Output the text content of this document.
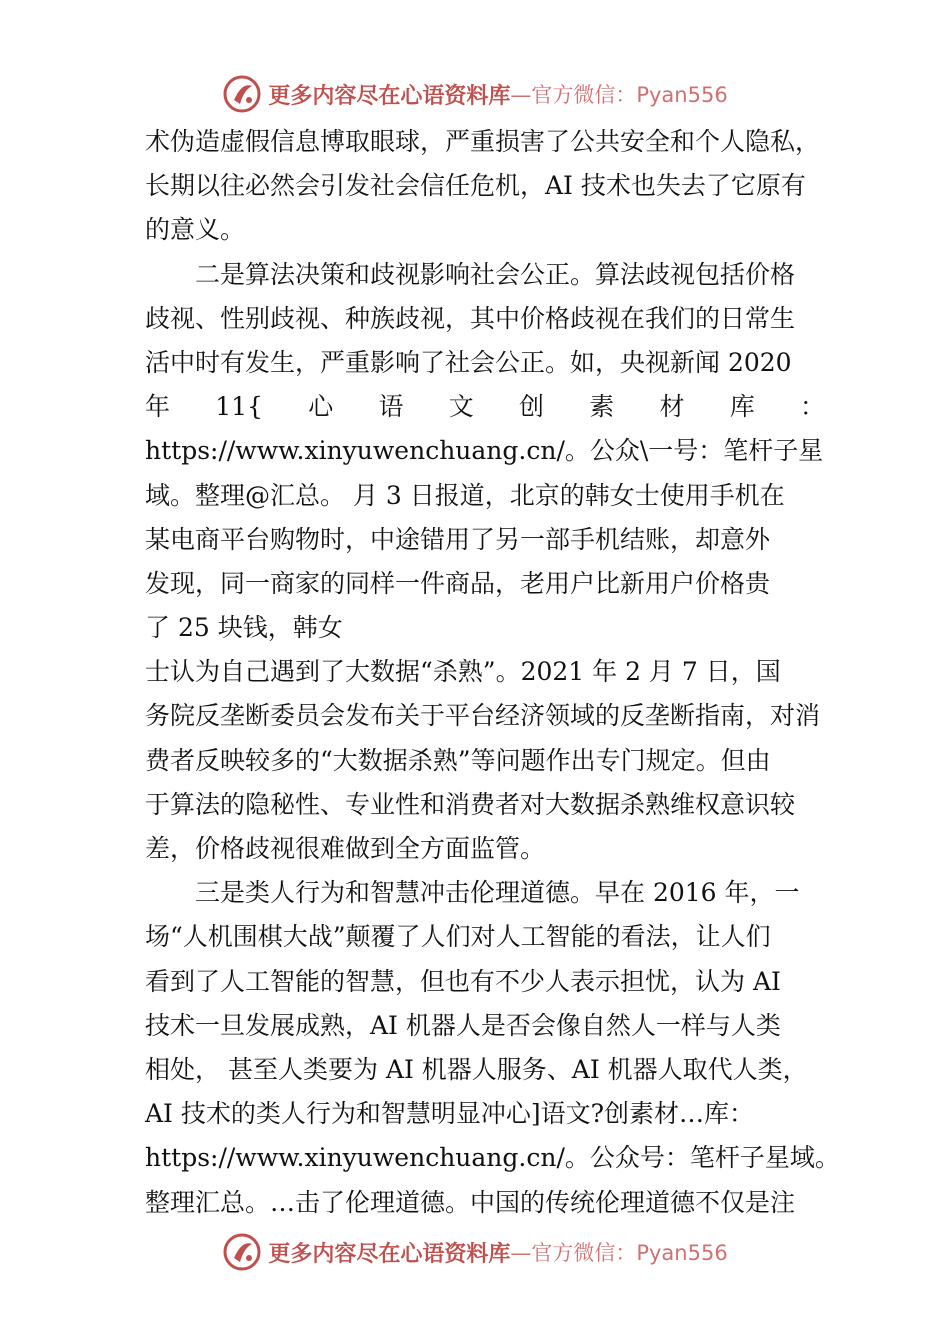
更多内容尽在心语资料库 —官方微信：Pyan556
术伪造虚假信息博取眼球，严重损害了公共安全和个人隐私，
长期以往必然会引发社会信任危机，AI 技术也失去了它原有
的意义。
二是算法决策和歧视影响社会公正。算法歧视包括价格
歧视、性别歧视、种族歧视，其中价格歧视在我们的日常生
活中时有发生，严重影响了社会公正。如，央视新闻 2020
年 11{ 心 语 文 创 素 材 库 ：
https://www.xinyuwenchuang.cn/。公众\一号：笔杆子星
域。整理@汇总。 月 3 日报道，北京的韩女士使用手机在
某电商平台购物时，中途错用了另一部手机结账，却意外
发现，同一商家的同样一件商品，老用户比新用户价格贵
了 25 块钱，韩女
士认为自己遇到了大数据“杀熟”。2021 年 2 月 7 日，国
务院反垄断委员会发布关于平台经济领域的反垄断指南，对消
费者反映较多的“大数据杀熟”等问题作出专门规定。但由
于算法的隐秘性、专业性和消费者对大数据杀熟维权意识较
差，价格歧视很难做到全方面监管。
三是类人行为和智慧冲击伦理道德。早在 2016 年，一
场“人机围棋大战”颠覆了人们对人工智能的看法，让人们
看到了人工智能的智慧，但也有不少人表示担忧，认为 AI
技术一旦发展成熟，AI 机器人是否会像自然人一样与人类
相处， 甚至人类要为 AI 机器人服务、AI 机器人取代人类，
AI 技术的类人行为和智慧明显冲心]语文?创素材…库：
https://www.xinyuwenchuang.cn/。公众号：笔杆子星域。
整理汇总。…击了伦理道德。中国的传统伦理道德不仅是注
更多内容尽在心语资料库 —官方微信：Pyan556
